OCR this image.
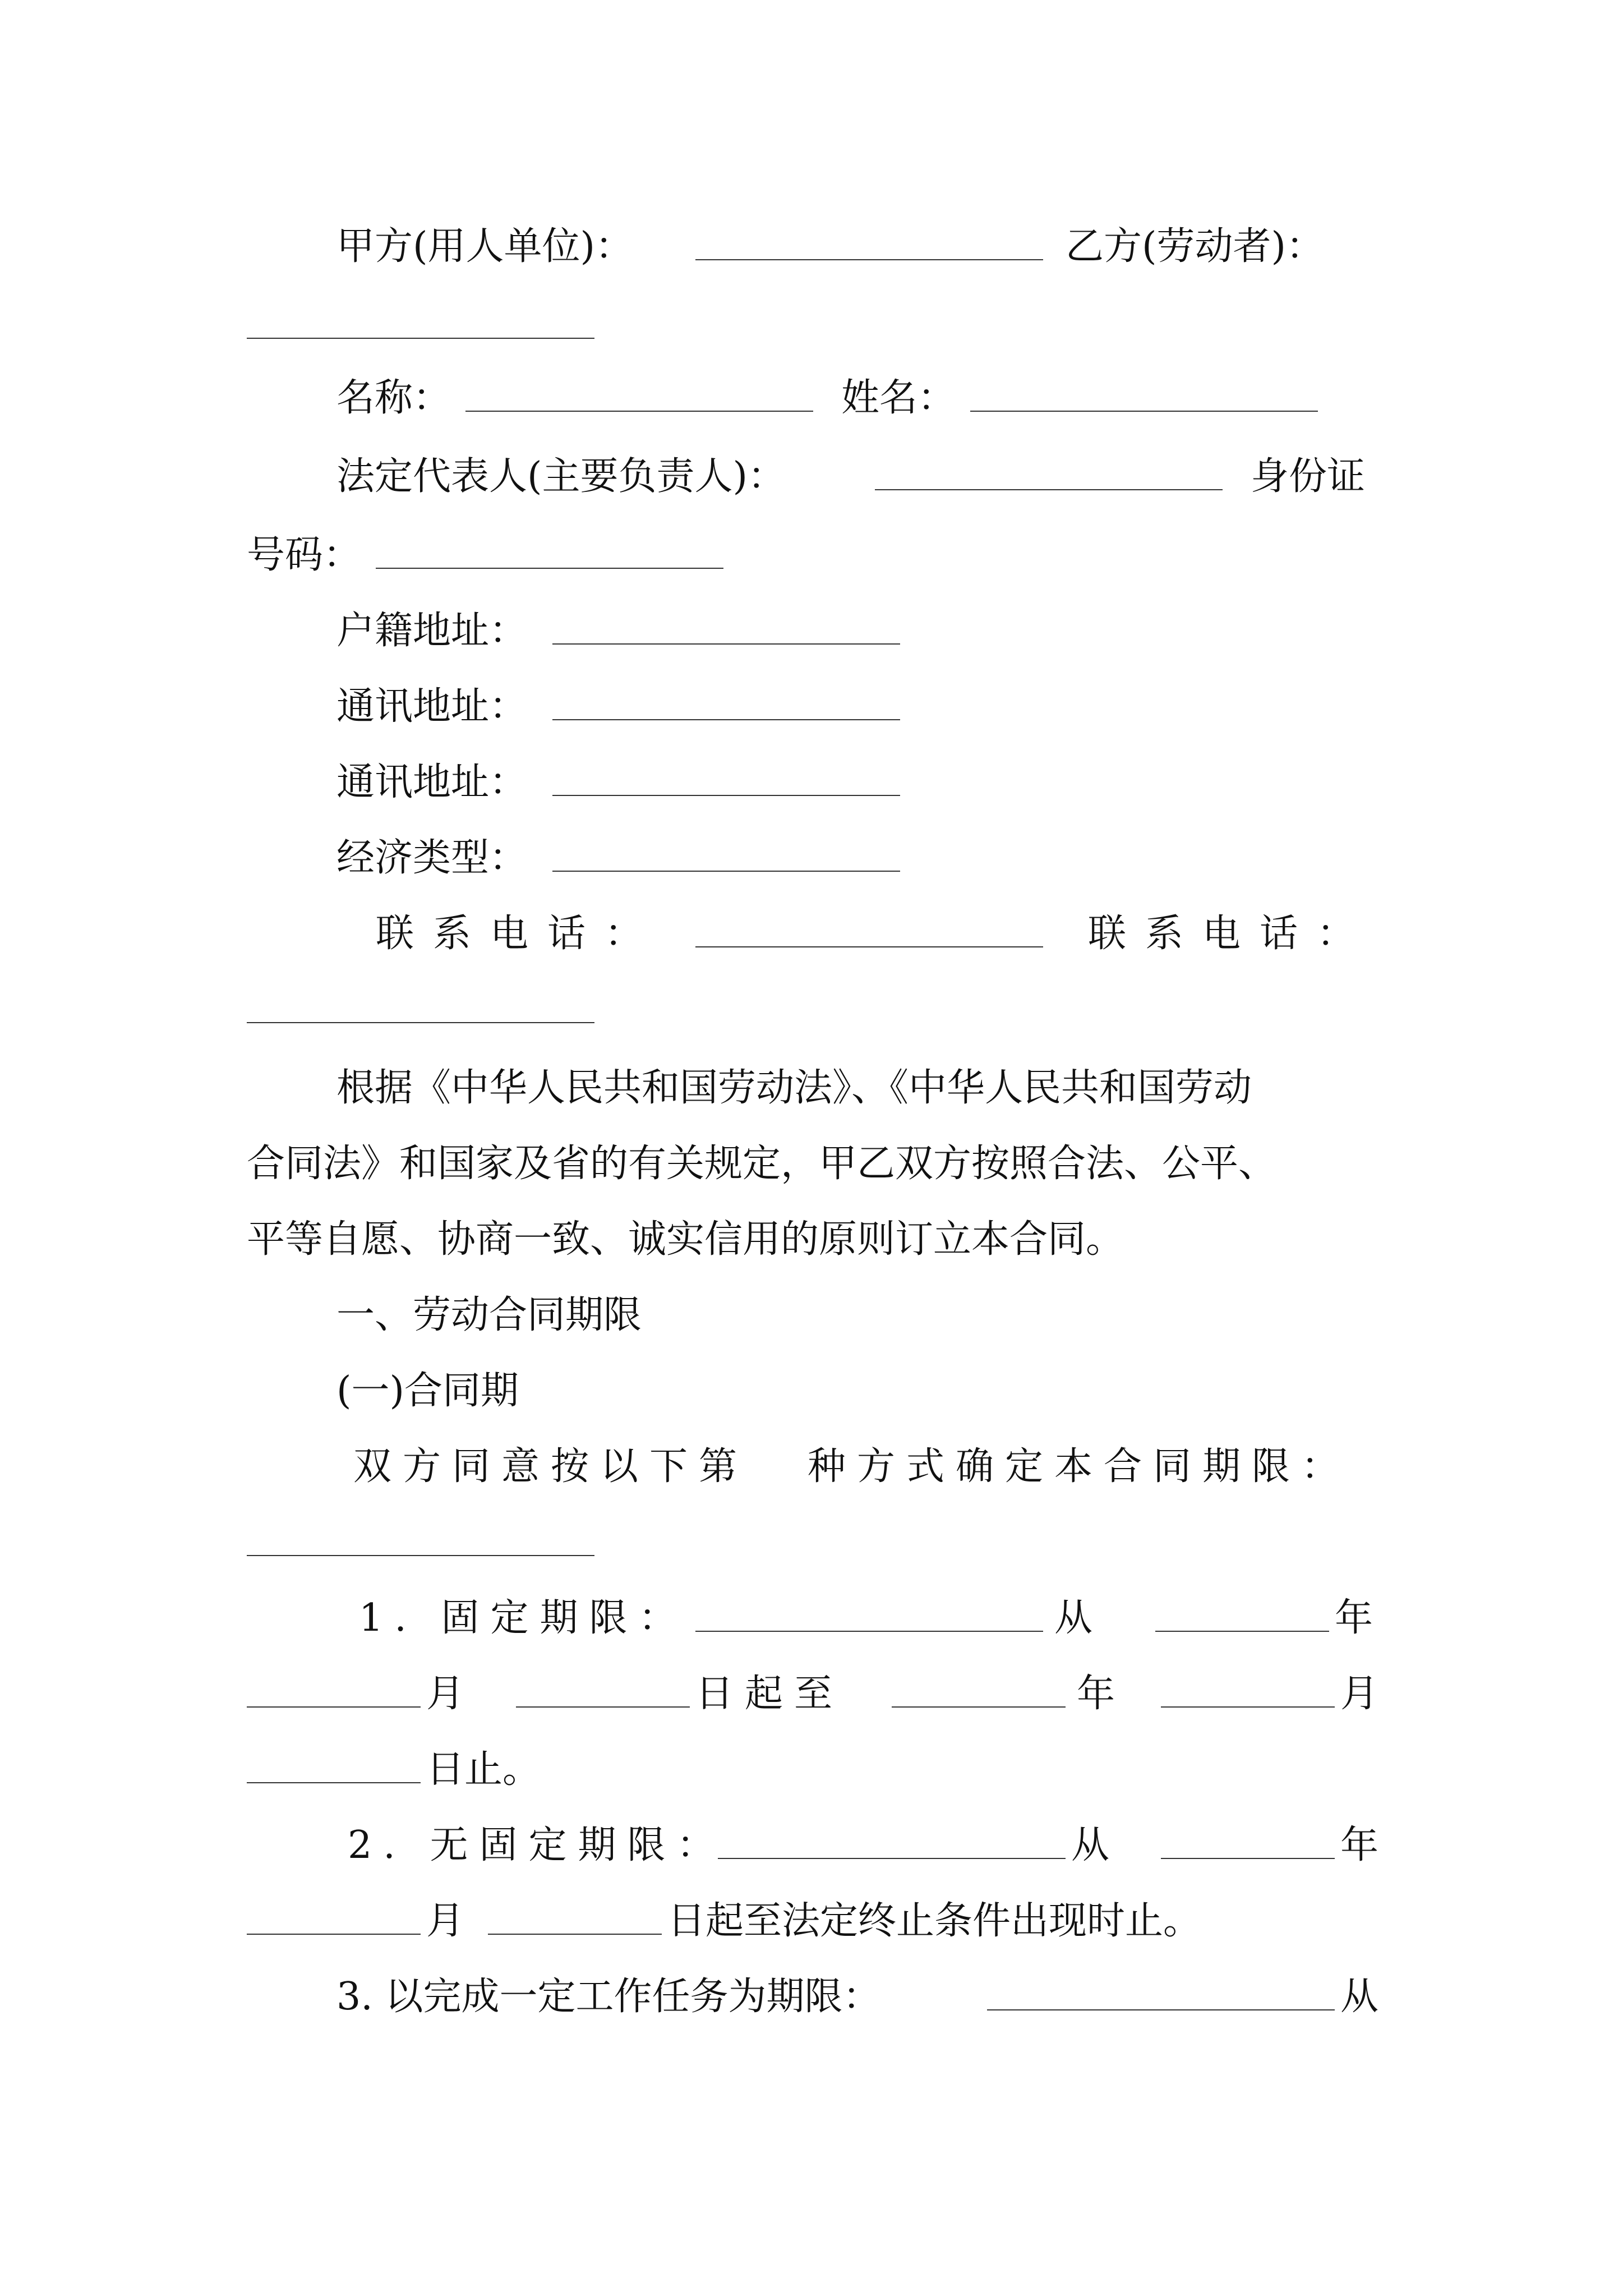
甲方(用人单位)：	乙方(劳动者)：
名称：	姓名：
法定代表人(主要负责人)：	身份证
号码：
户籍地址：
通讯地址：
通讯地址：
经济类型：
联系电话：	联系电话：
根据《中华人民共和国劳动法》、《中华人民共和国劳动
合同法》和国家及省的有关规定，甲乙双方按照合法、公平、
平等自愿、协商一致、诚实信用的原则订立本合同。
一、劳动合同期限
(一)合同期
双方同意按以下第 种方式确定本合同期限：
1. 固定期限：	从	年
月	日起至	年	月
日止。
2. 无固定期限：	从	年
月	日起至法定终止条件出现时止。
3. 以完成一定工作任务为期限：	从
